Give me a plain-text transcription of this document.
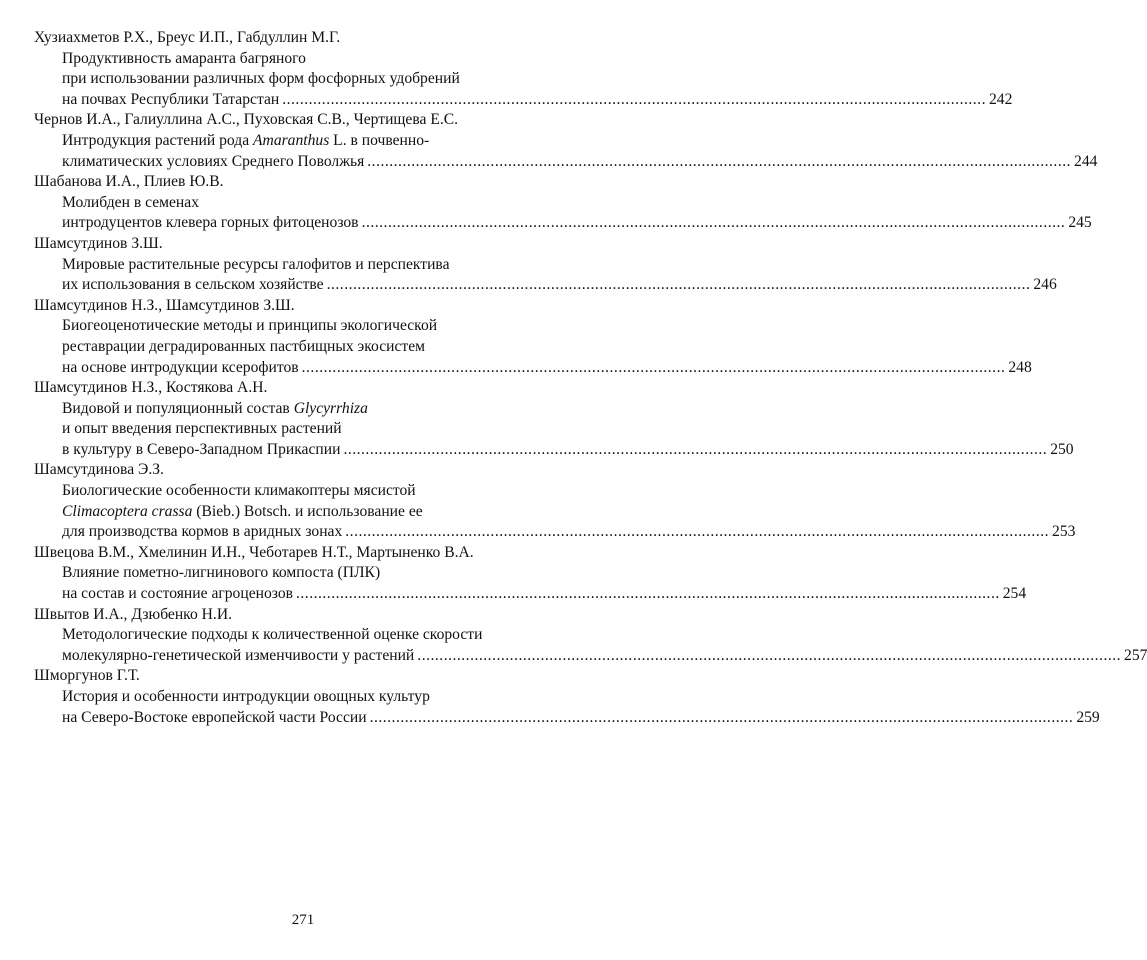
Хузиахметов Р.Х., Бреус И.П., Габдуллин М.Г.
Продуктивность амаранта багряного
при использовании различных форм фосфорных удобрений
на почвах Республики Татарстан ................................................................................................................................................................ 242
Чернов И.А., Галиуллина А.С., Пуховская С.В., Чертищева Е.С.
Интродукция растений рода Amaranthus L. в почвенно-
климатических условиях Среднего Поволжья ................................................................................................................................................................ 244
Шабанова И.А., Плиев Ю.В.
Молибден в семенах
интродуцентов клевера горных фитоценозов ................................................................................................................................................................ 245
Шамсутдинов З.Ш.
Мировые растительные ресурсы галофитов и перспектива
их использования в сельском хозяйстве ................................................................................................................................................................ 246
Шамсутдинов Н.З., Шамсутдинов З.Ш.
Биогеоценотические методы и принципы экологической
реставрации деградированных пастбищных экосистем
на основе интродукции ксерофитов ................................................................................................................................................................ 248
Шамсутдинов Н.З., Костякова А.Н.
Видовой и популяционный состав Glycyrrhiza
и опыт введения перспективных растений
в культуру в Северо-Западном Прикаспии ................................................................................................................................................................ 250
Шамсутдинова Э.З.
Биологические особенности климакоптеры мясистой
Climacoptera crassa (Bieb.) Botsch. и использование ее
для производства кормов в аридных зонах ................................................................................................................................................................ 253
Швецова В.М., Хмелинин И.Н., Чеботарев Н.Т., Мартыненко В.А.
Влияние пометно-лигнинового компоста (ПЛК)
на состав и состояние агроценозов ................................................................................................................................................................ 254
Швытов И.А., Дзюбенко Н.И.
Методологические подходы к количественной оценке скорости
молекулярно-генетической изменчивости у растений ................................................................................................................................................................ 257
Шморгунов Г.Т.
История и особенности интродукции овощных культур
на Северо-Востоке европейской части России ................................................................................................................................................................ 259
271
